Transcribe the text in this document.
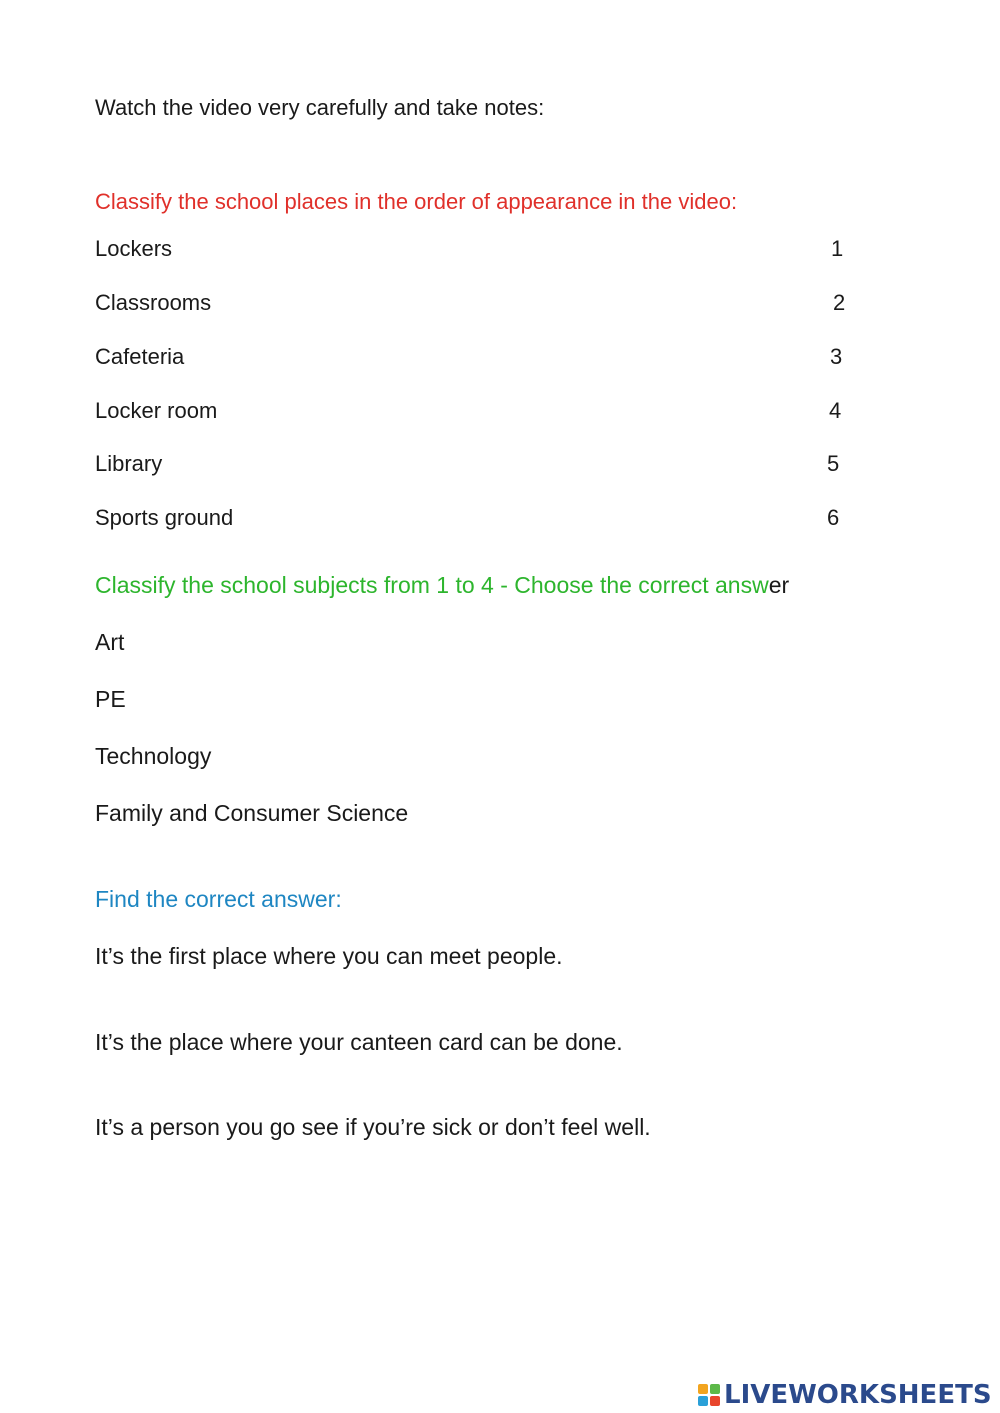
Watch the video very carefully and take notes:
Classify the school places in the order of appearance in the video:
Lockers	1
Classrooms	2
Cafeteria	3
Locker room	4
Library	5
Sports ground	6
Classify the school subjects from 1 to 4 - Choose the correct answer
Art
PE
Technology
Family and Consumer Science
Find the correct answer:
It’s the first place where you can meet people.
It’s the place where your canteen card can be done.
It’s a person you go see if you’re sick or don’t feel well.
LIVEWORKSHEETS
